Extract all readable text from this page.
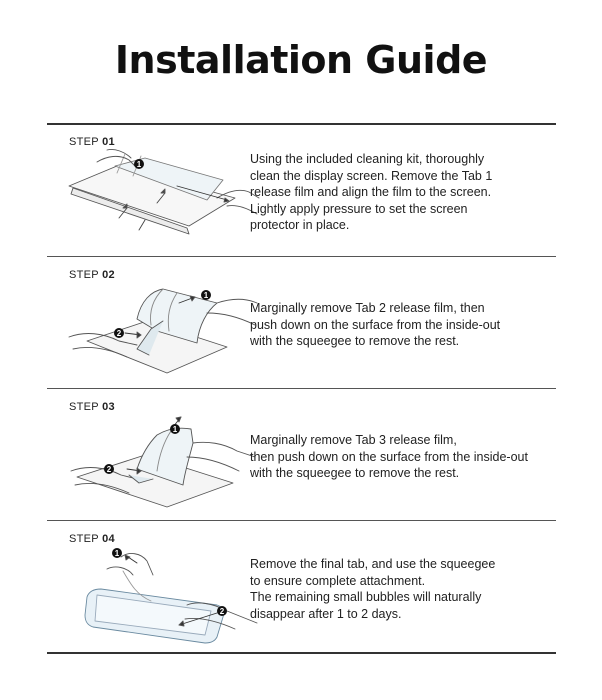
Installation Guide
STEP 01
1	Using the included cleaning kit, thoroughly
clean the display screen. Remove the Tab 1
release film and align the film to the screen.
Lightly apply pressure to set the screen
protector in place.

STEP 02
1
2

Marginally remove Tab 2 release film, then
push down on the surface from the inside-out
with the squeegee to remove the rest.

STEP 03
1
2

Marginally remove Tab 3 release film,
then push down on the surface from the inside-out
with the squeegee to remove the rest.

STEP 04
1
2

Remove the final tab, and use the squeegee
to ensure complete attachment.
The remaining small bubbles will naturally
disappear after 1 to 2 days.
